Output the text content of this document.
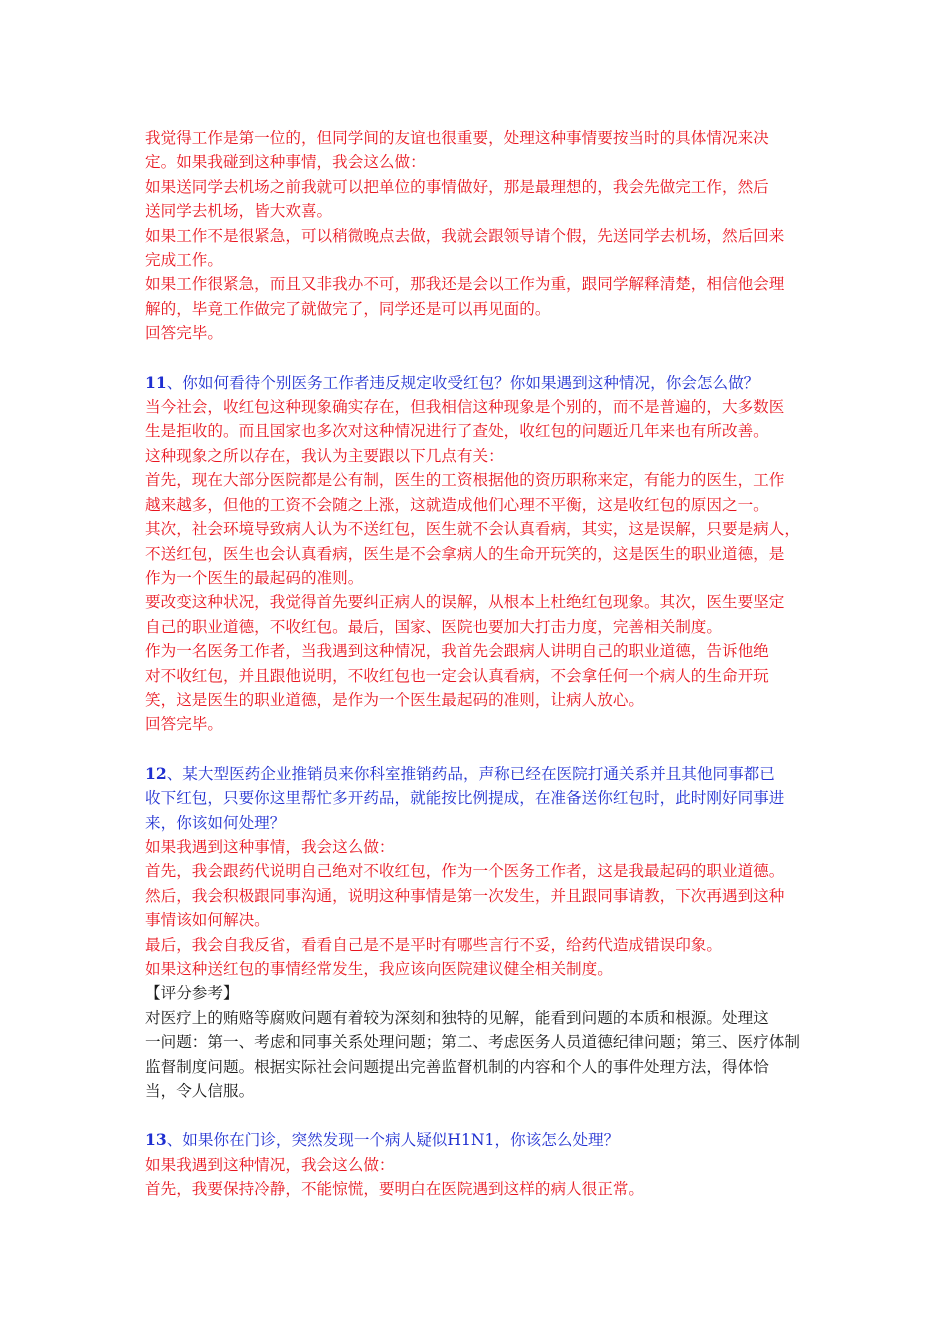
我觉得工作是第一位的，但同学间的友谊也很重要，处理这种事情要按当时的具体情况来决
定。如果我碰到这种事情，我会这么做：
如果送同学去机场之前我就可以把单位的事情做好，那是最理想的，我会先做完工作，然后
送同学去机场，皆大欢喜。
如果工作不是很紧急，可以稍微晚点去做，我就会跟领导请个假，先送同学去机场，然后回来
完成工作。
如果工作很紧急，而且又非我办不可，那我还是会以工作为重，跟同学解释清楚，相信他会理
解的，毕竟工作做完了就做完了，同学还是可以再见面的。
回答完毕。
11、你如何看待个别医务工作者违反规定收受红包？你如果遇到这种情况，你会怎么做？
当今社会，收红包这种现象确实存在，但我相信这种现象是个别的，而不是普遍的，大多数医
生是拒收的。而且国家也多次对这种情况进行了查处，收红包的问题近几年来也有所改善。
这种现象之所以存在，我认为主要跟以下几点有关：
首先，现在大部分医院都是公有制，医生的工资根据他的资历职称来定，有能力的医生，工作
越来越多，但他的工资不会随之上涨，这就造成他们心理不平衡，这是收红包的原因之一。
其次，社会环境导致病人认为不送红包，医生就不会认真看病，其实，这是误解，只要是病人，
不送红包，医生也会认真看病，医生是不会拿病人的生命开玩笑的，这是医生的职业道德，是
作为一个医生的最起码的准则。
要改变这种状况，我觉得首先要纠正病人的误解，从根本上杜绝红包现象。其次，医生要坚定
自己的职业道德，不收红包。最后，国家、医院也要加大打击力度，完善相关制度。
作为一名医务工作者，当我遇到这种情况，我首先会跟病人讲明自己的职业道德，告诉他绝
对不收红包，并且跟他说明，不收红包也一定会认真看病，不会拿任何一个病人的生命开玩
笑，这是医生的职业道德，是作为一个医生最起码的准则，让病人放心。
回答完毕。
12、某大型医药企业推销员来你科室推销药品，声称已经在医院打通关系并且其他同事都已
收下红包，只要你这里帮忙多开药品，就能按比例提成，在准备送你红包时，此时刚好同事进
来，你该如何处理？
如果我遇到这种事情，我会这么做：
首先，我会跟药代说明自己绝对不收红包，作为一个医务工作者，这是我最起码的职业道德。
然后，我会积极跟同事沟通，说明这种事情是第一次发生，并且跟同事请教，下次再遇到这种
事情该如何解决。
最后，我会自我反省，看看自己是不是平时有哪些言行不妥，给药代造成错误印象。
如果这种送红包的事情经常发生，我应该向医院建议健全相关制度。
【评分参考】
对医疗上的贿赂等腐败问题有着较为深刻和独特的见解，能看到问题的本质和根源。处理这
一问题：第一、考虑和同事关系处理问题；第二、考虑医务人员道德纪律问题；第三、医疗体制
监督制度问题。根据实际社会问题提出完善监督机制的内容和个人的事件处理方法，得体恰
当，令人信服。
13、如果你在门诊，突然发现一个病人疑似H1N1，你该怎么处理？
如果我遇到这种情况，我会这么做：
首先，我要保持冷静，不能惊慌，要明白在医院遇到这样的病人很正常。
